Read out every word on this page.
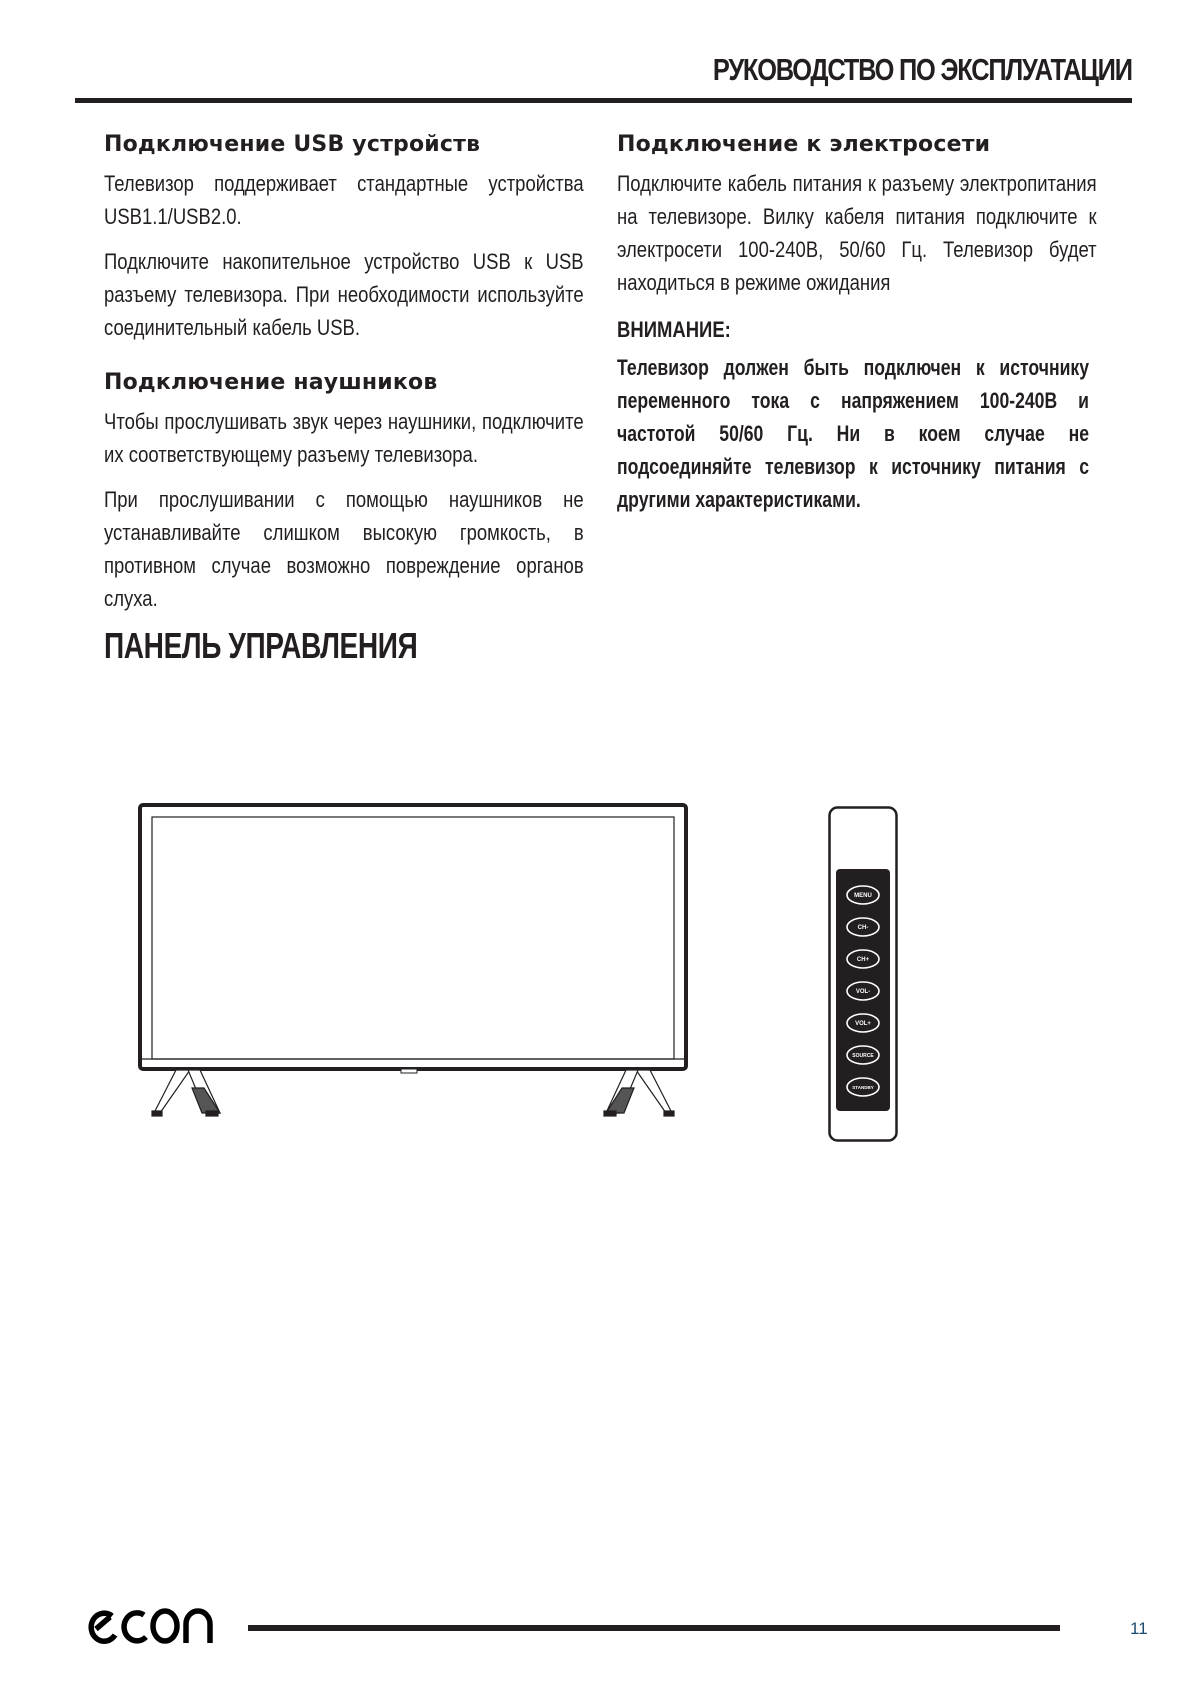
РУКОВОДСТВО ПО ЭКСПЛУАТАЦИИ
Подключение USB устройств

Телевизор поддерживает стандартные устройства USB1.1/USB2.0.

Подключите накопительное устройство USB к USB разъему телевизора. При необходимости используйте соединительный кабель USB.

Подключение наушников

Чтобы прослушивать звук через наушники, подключите их соответствующему разъему телевизора.

При прослушивании с помощью наушников не устанавливайте слишком высокую громкость, в противном случае возможно повреждение органов слуха.

Подключение к электросети

Подключите кабель питания к разъему электропитания на телевизоре. Вилку кабеля питания подключите к электросети 100-240В, 50/60 Гц. Телевизор будет находиться в режиме ожидания

ВНИМАНИЕ:

Телевизор должен быть подключен к источнику переменного тока с напряжением 100-240В и частотой 50/60 Гц. Ни в коем случае не подсоединяйте телевизор к источнику питания с другими характеристиками.

ПАНЕЛЬ УПРАВЛЕНИЯ
MENU
CH-
CH+
VOL-
VOL+
SOURCE
STANDBY
11
